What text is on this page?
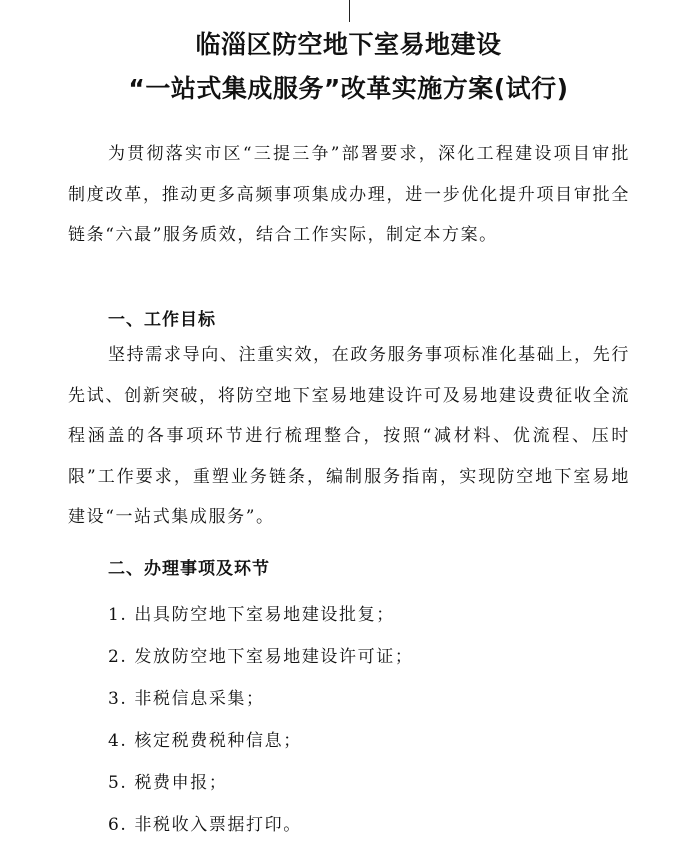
临淄区防空地下室易地建设
“一站式集成服务”改革实施方案(试行)

为贯彻落实市区“三提三争”部署要求，深化工程建设项目审批制度改革，推动更多高频事项集成办理，进一步优化提升项目审批全链条“六最”服务质效，结合工作实际，制定本方案。

一、工作目标

坚持需求导向、注重实效，在政务服务事项标准化基础上，先行先试、创新突破，将防空地下室易地建设许可及易地建设费征收全流程涵盖的各事项环节进行梳理整合，按照“减材料、优流程、压时限”工作要求，重塑业务链条，编制服务指南，实现防空地下室易地建设“一站式集成服务”。

二、办理事项及环节
1. 出具防空地下室易地建设批复；
2. 发放防空地下室易地建设许可证；
3. 非税信息采集；
4. 核定税费税种信息；
5. 税费申报；
6. 非税收入票据打印。
